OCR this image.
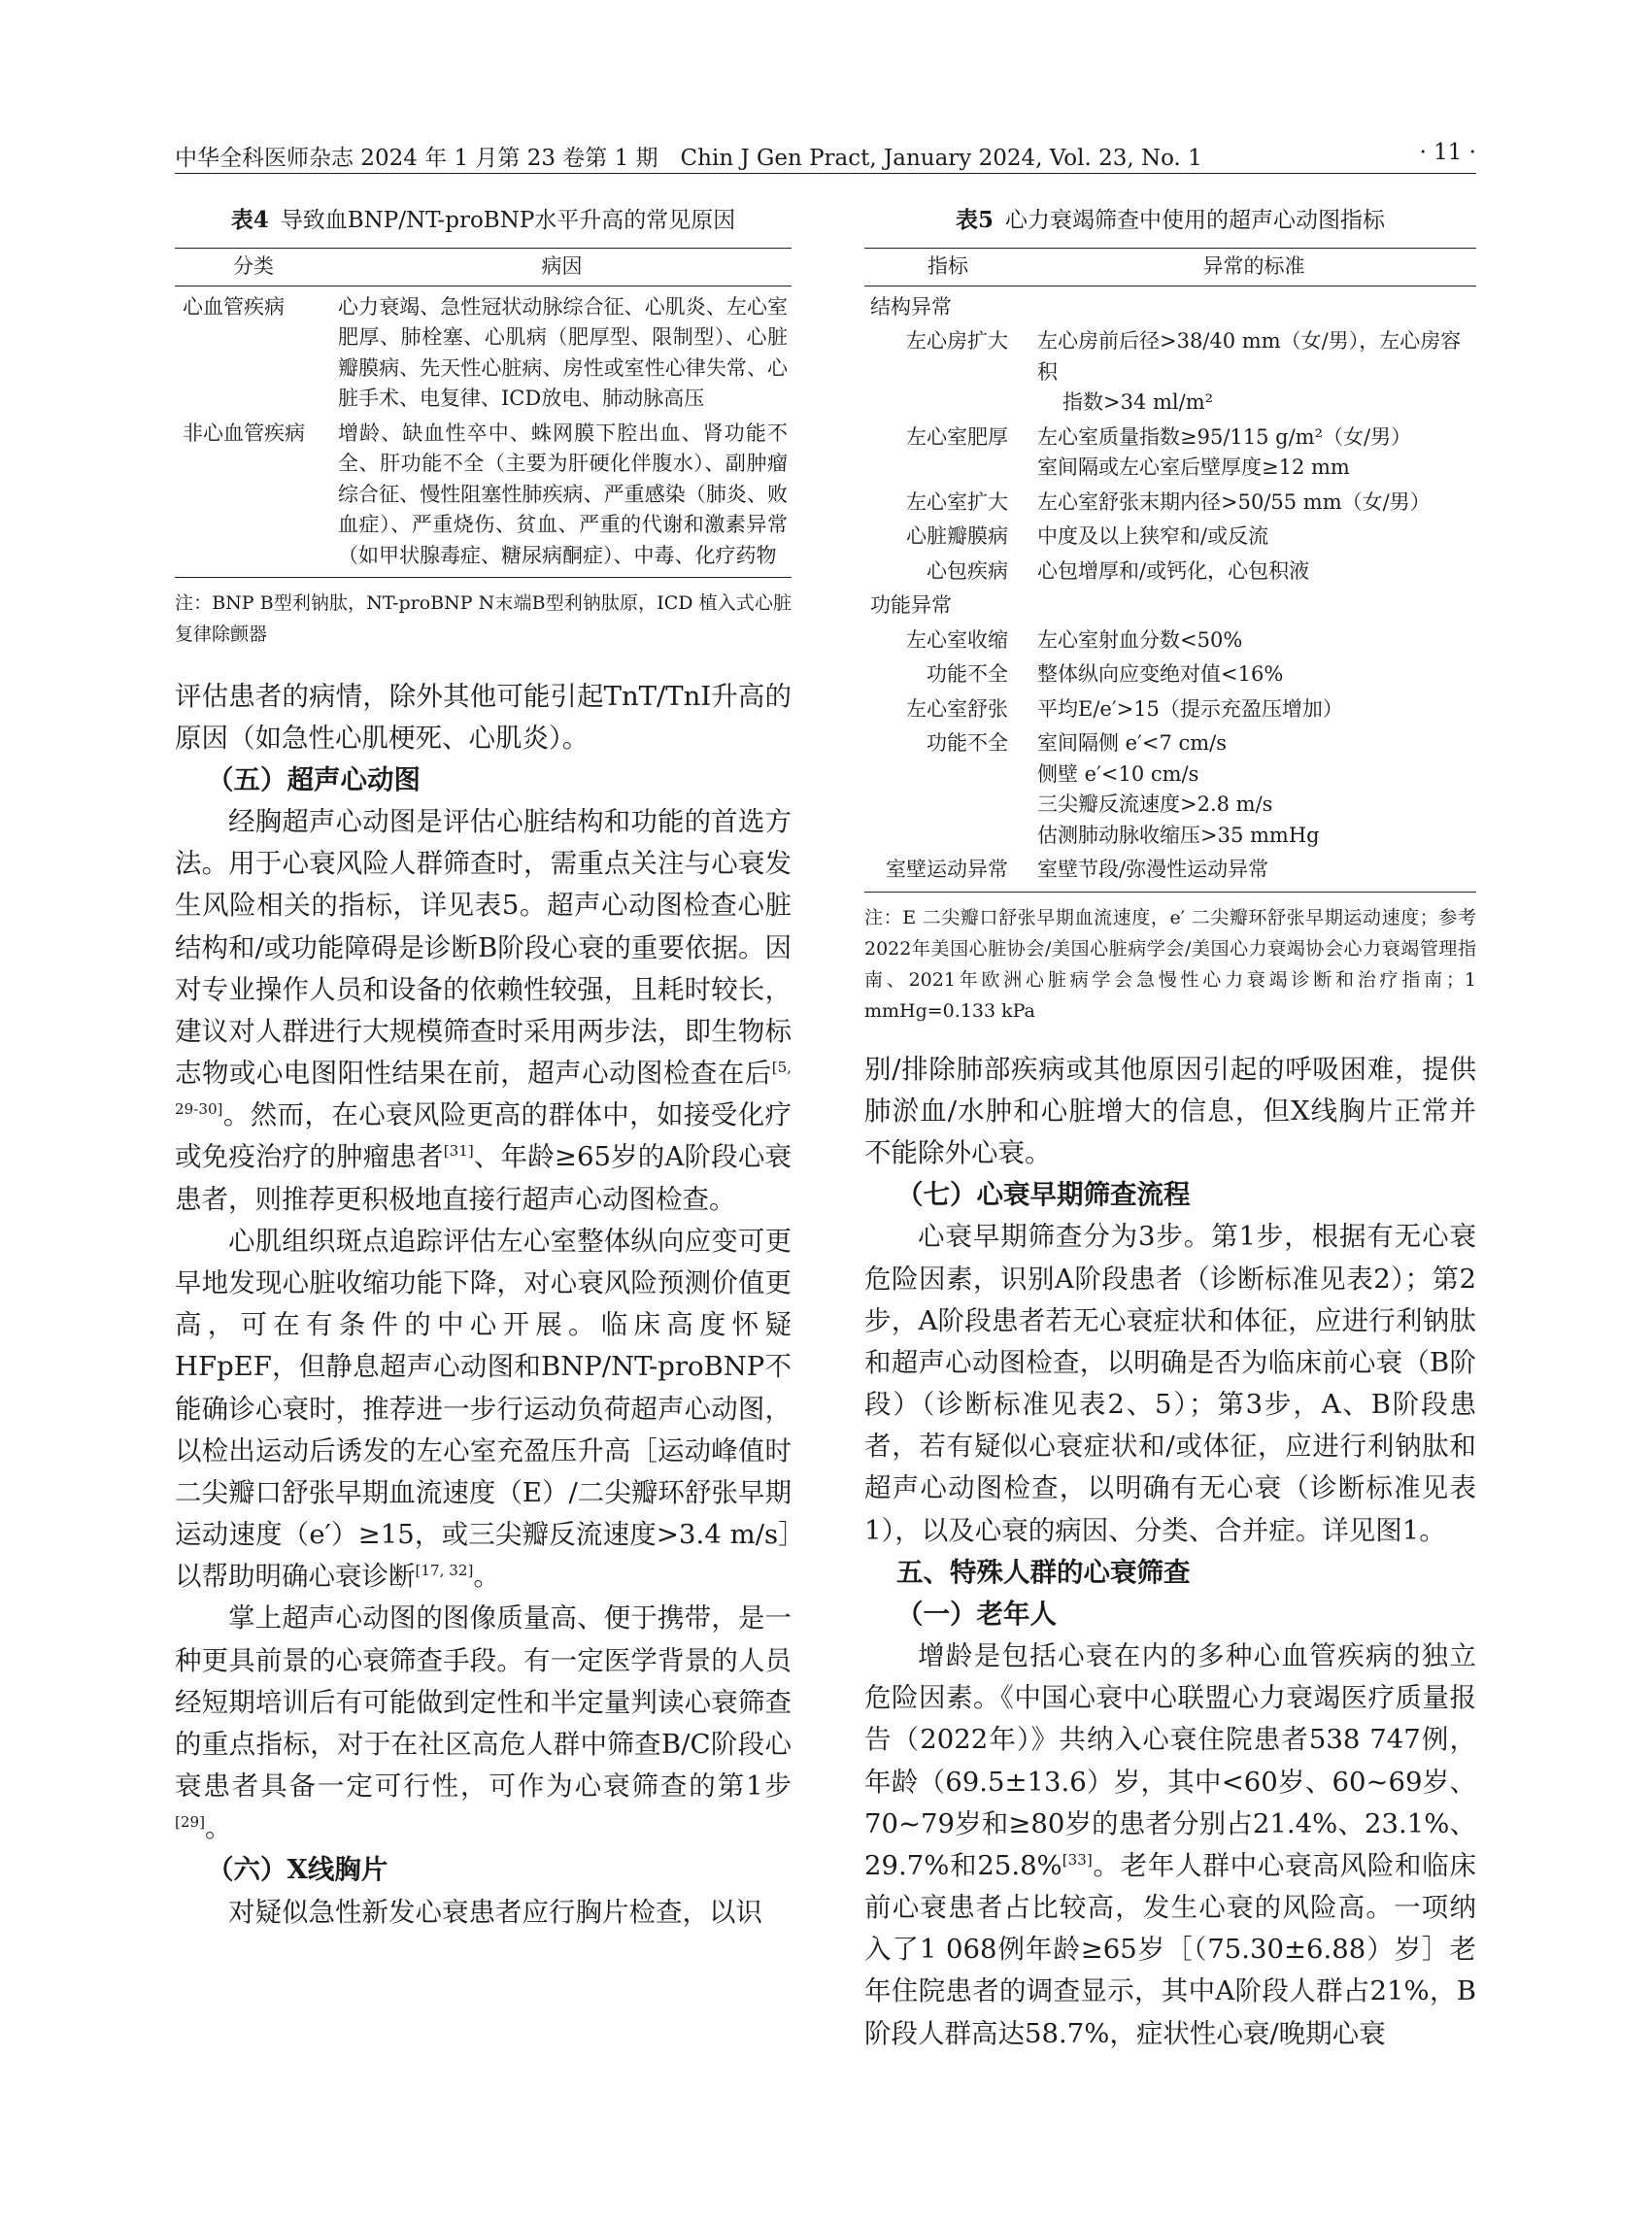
中华全科医师杂志 2024 年 1 月第 23 卷第 1 期　Chin J Gen Pract, January 2024, Vol. 23, No. 1	· 11 ·
表4 导致血BNP/NT-proBNP水平升高的常见原因
分类	病因
心血管疾病	心力衰竭、急性冠状动脉综合征、心肌炎、左心室肥厚、肺栓塞、心肌病（肥厚型、限制型）、心脏瓣膜病、先天性心脏病、房性或室性心律失常、心脏手术、电复律、ICD放电、肺动脉高压
非心血管疾病	增龄、缺血性卒中、蛛网膜下腔出血、肾功能不全、肝功能不全（主要为肝硬化伴腹水）、副肿瘤综合征、慢性阻塞性肺疾病、严重感染（肺炎、败血症）、严重烧伤、贫血、严重的代谢和激素异常（如甲状腺毒症、糖尿病酮症）、中毒、化疗药物
注：BNP B型利钠肽，NT-proBNP N末端B型利钠肽原，ICD 植入式心脏复律除颤器

评估患者的病情，除外其他可能引起TnT/TnI升高的原因（如急性心肌梗死、心肌炎）。

（五）超声心动图

经胸超声心动图是评估心脏结构和功能的首选方法。用于心衰风险人群筛查时，需重点关注与心衰发生风险相关的指标，详见表5。超声心动图检查心脏结构和/或功能障碍是诊断B阶段心衰的重要依据。因对专业操作人员和设备的依赖性较强，且耗时较长，建议对人群进行大规模筛查时采用两步法，即生物标志物或心电图阳性结果在前，超声心动图检查在后[5, 29-30]。然而，在心衰风险更高的群体中，如接受化疗或免疫治疗的肿瘤患者[31]、年龄≥65岁的A阶段心衰患者，则推荐更积极地直接行超声心动图检查。

心肌组织斑点追踪评估左心室整体纵向应变可更早地发现心脏收缩功能下降，对心衰风险预测价值更高，可在有条件的中心开展。临床高度怀疑HFpEF，但静息超声心动图和BNP/NT-proBNP不能确诊心衰时，推荐进一步行运动负荷超声心动图，以检出运动后诱发的左心室充盈压升高［运动峰值时二尖瓣口舒张早期血流速度（E）/二尖瓣环舒张早期运动速度（e′）≥15，或三尖瓣反流速度>3.4 m/s］以帮助明确心衰诊断[17, 32]。

掌上超声心动图的图像质量高、便于携带，是一种更具前景的心衰筛查手段。有一定医学背景的人员经短期培训后有可能做到定性和半定量判读心衰筛查的重点指标，对于在社区高危人群中筛查B/C阶段心衰患者具备一定可行性，可作为心衰筛查的第1步[29]。

（六）X线胸片

对疑似急性新发心衰患者应行胸片检查，以识

表5 心力衰竭筛查中使用的超声心动图指标
指标	异常的标准
结构异常	
左心房扩大	左心房前后径>38/40 mm（女/男），左心房容积
指数>34 ml/m²

左心室肥厚	左心室质量指数≥95/115 g/m²（女/男）
室间隔或左心室后壁厚度≥12 mm

左心室扩大	左心室舒张末期内径>50/55 mm（女/男）

心脏瓣膜病	中度及以上狭窄和/或反流

心包疾病	心包增厚和/或钙化，心包积液

功能异常	
左心室收缩	左心室射血分数<50%

功能不全	整体纵向应变绝对值<16%

左心室舒张	平均E/e′>15（提示充盈压增加）

功能不全	室间隔侧 e′<7 cm/s
侧壁 e′<10 cm/s
三尖瓣反流速度>2.8 m/s
估测肺动脉收缩压>35 mmHg

室壁运动异常	室壁节段/弥漫性运动异常
注：E 二尖瓣口舒张早期血流速度，e′ 二尖瓣环舒张早期运动速度；参考2022年美国心脏协会/美国心脏病学会/美国心力衰竭协会心力衰竭管理指南、2021年欧洲心脏病学会急慢性心力衰竭诊断和治疗指南；1 mmHg=0.133 kPa

别/排除肺部疾病或其他原因引起的呼吸困难，提供肺淤血/水肿和心脏增大的信息，但X线胸片正常并不能除外心衰。

（七）心衰早期筛查流程

心衰早期筛查分为3步。第1步，根据有无心衰危险因素，识别A阶段患者（诊断标准见表2）；第2步，A阶段患者若无心衰症状和体征，应进行利钠肽和超声心动图检查，以明确是否为临床前心衰（B阶段）（诊断标准见表2、5）；第3步，A、B阶段患者，若有疑似心衰症状和/或体征，应进行利钠肽和超声心动图检查，以明确有无心衰（诊断标准见表1），以及心衰的病因、分类、合并症。详见图1。

五、特殊人群的心衰筛查

（一）老年人

增龄是包括心衰在内的多种心血管疾病的独立危险因素。《中国心衰中心联盟心力衰竭医疗质量报告（2022年）》共纳入心衰住院患者538 747例，年龄（69.5±13.6）岁，其中<60岁、60~69岁、70~79岁和≥80岁的患者分别占21.4%、23.1%、29.7%和25.8%[33]。老年人群中心衰高风险和临床前心衰患者占比较高，发生心衰的风险高。一项纳入了1 068例年龄≥65岁［（75.30±6.88）岁］老年住院患者的调查显示，其中A阶段人群占21%，B阶段人群高达58.7%，症状性心衰/晚期心衰
